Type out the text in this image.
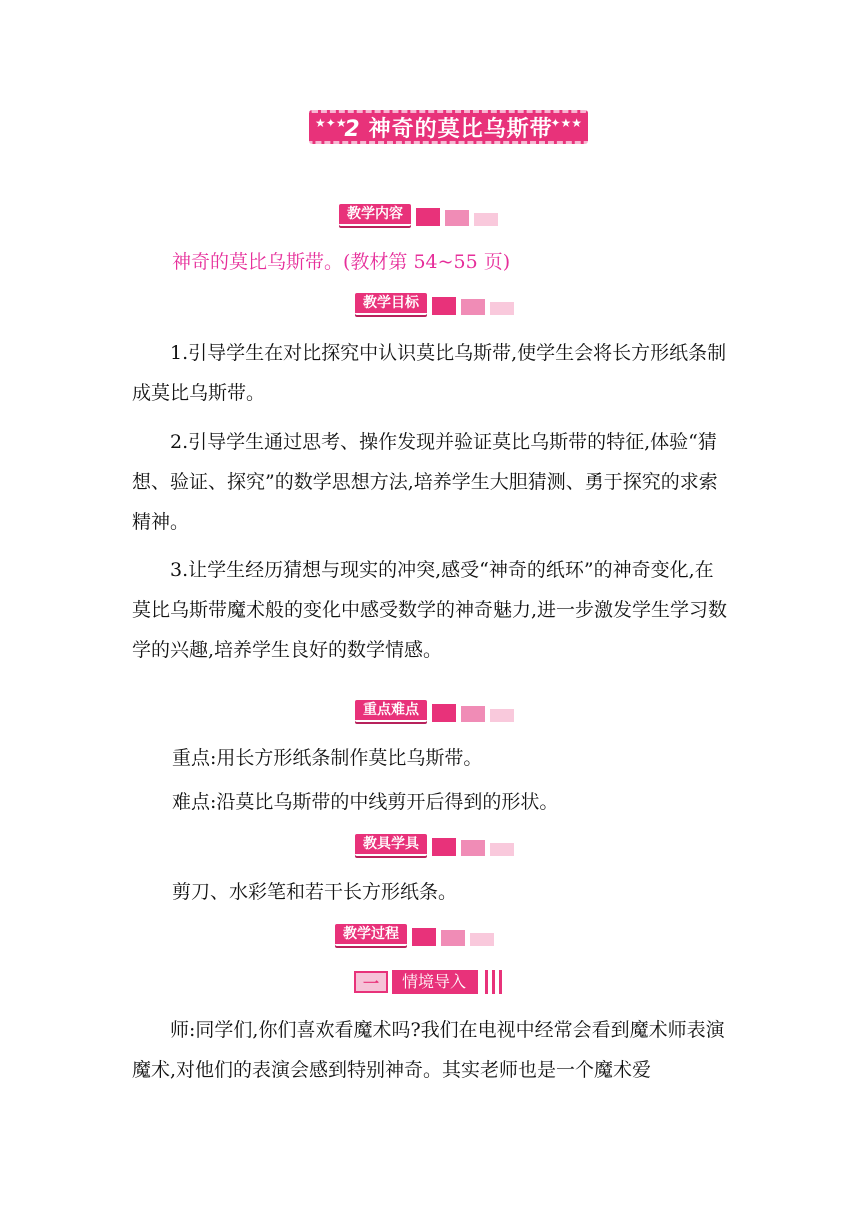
★✦★
2 神奇的莫比乌斯带
✦★★
教学内容

神奇的莫比乌斯带。(教材第 54~55 页)

教学目标

1.引导学生在对比探究中认识莫比乌斯带,使学生会将长方形纸条制成莫比乌斯带。

2.引导学生通过思考、操作发现并验证莫比乌斯带的特征,体验“猜想、验证、探究”的数学思想方法,培养学生大胆猜测、勇于探究的求索精神。

3.让学生经历猜想与现实的冲突,感受“神奇的纸环”的神奇变化,在莫比乌斯带魔术般的变化中感受数学的神奇魅力,进一步激发学生学习数学的兴趣,培养学生良好的数学情感。

重点难点

重点:用长方形纸条制作莫比乌斯带。

难点:沿莫比乌斯带的中线剪开后得到的形状。

教具学具

剪刀、水彩笔和若干长方形纸条。

教学过程
一	情境导入

师:同学们,你们喜欢看魔术吗?我们在电视中经常会看到魔术师表演魔术,对他们的表演会感到特别神奇。其实老师也是一个魔术爱
